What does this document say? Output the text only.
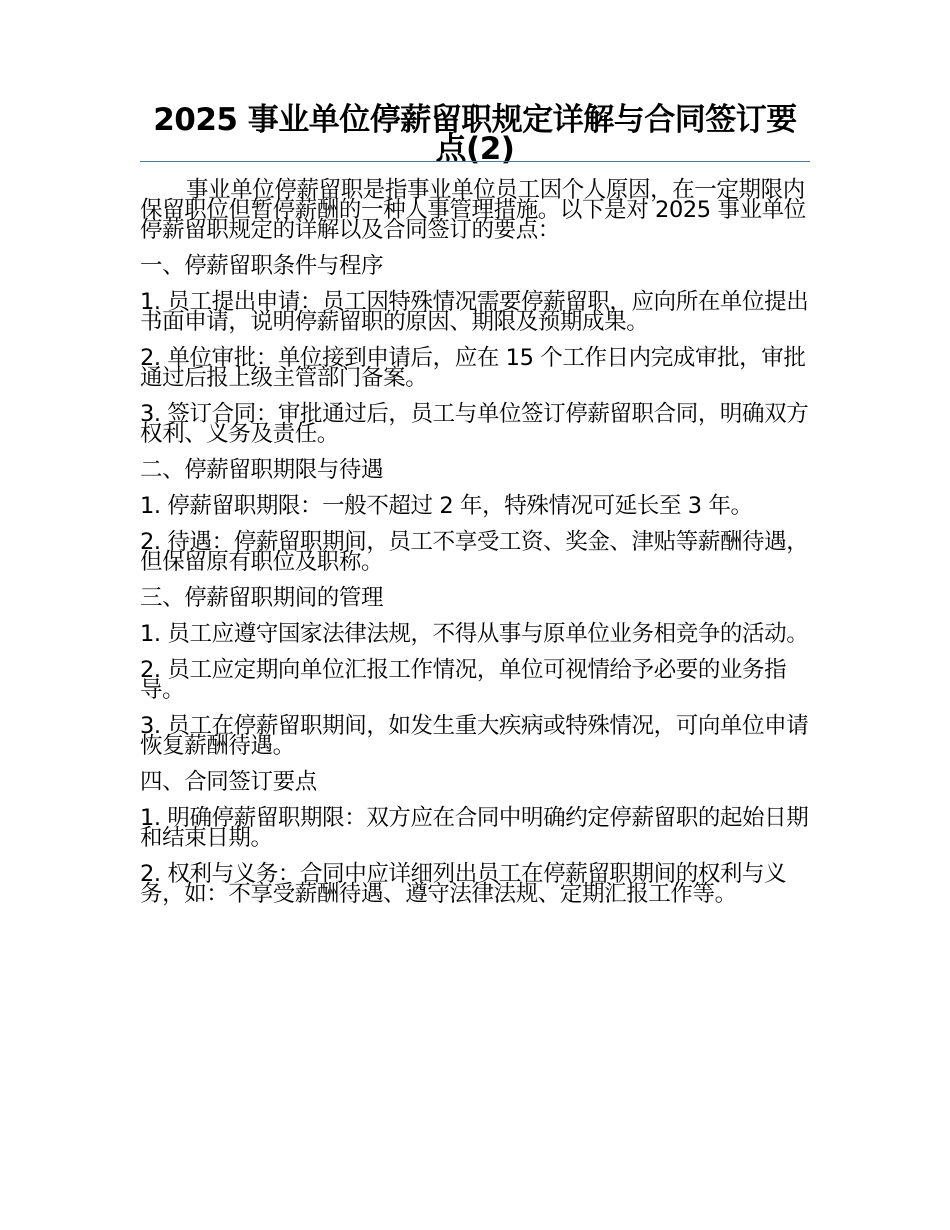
2025 事业单位停薪留职规定详解与合同签订要点(2)

事业单位停薪留职是指事业单位员工因个人原因，在一定期限内保留职位但暂停薪酬的一种人事管理措施。以下是对 2025 事业单位停薪留职规定的详解以及合同签订的要点：

一、停薪留职条件与程序

1. 员工提出申请：员工因特殊情况需要停薪留职，应向所在单位提出书面申请，说明停薪留职的原因、期限及预期成果。

2. 单位审批：单位接到申请后，应在 15 个工作日内完成审批，审批通过后报上级主管部门备案。

3. 签订合同：审批通过后，员工与单位签订停薪留职合同，明确双方权利、义务及责任。

二、停薪留职期限与待遇

1. 停薪留职期限：一般不超过 2 年，特殊情况可延长至 3 年。

2. 待遇：停薪留职期间，员工不享受工资、奖金、津贴等薪酬待遇，但保留原有职位及职称。

三、停薪留职期间的管理

1. 员工应遵守国家法律法规，不得从事与原单位业务相竞争的活动。

2. 员工应定期向单位汇报工作情况，单位可视情给予必要的业务指导。

3. 员工在停薪留职期间，如发生重大疾病或特殊情况，可向单位申请恢复薪酬待遇。

四、合同签订要点

1. 明确停薪留职期限：双方应在合同中明确约定停薪留职的起始日期和结束日期。

2. 权利与义务：合同中应详细列出员工在停薪留职期间的权利与义务，如：不享受薪酬待遇、遵守法律法规、定期汇报工作等。
